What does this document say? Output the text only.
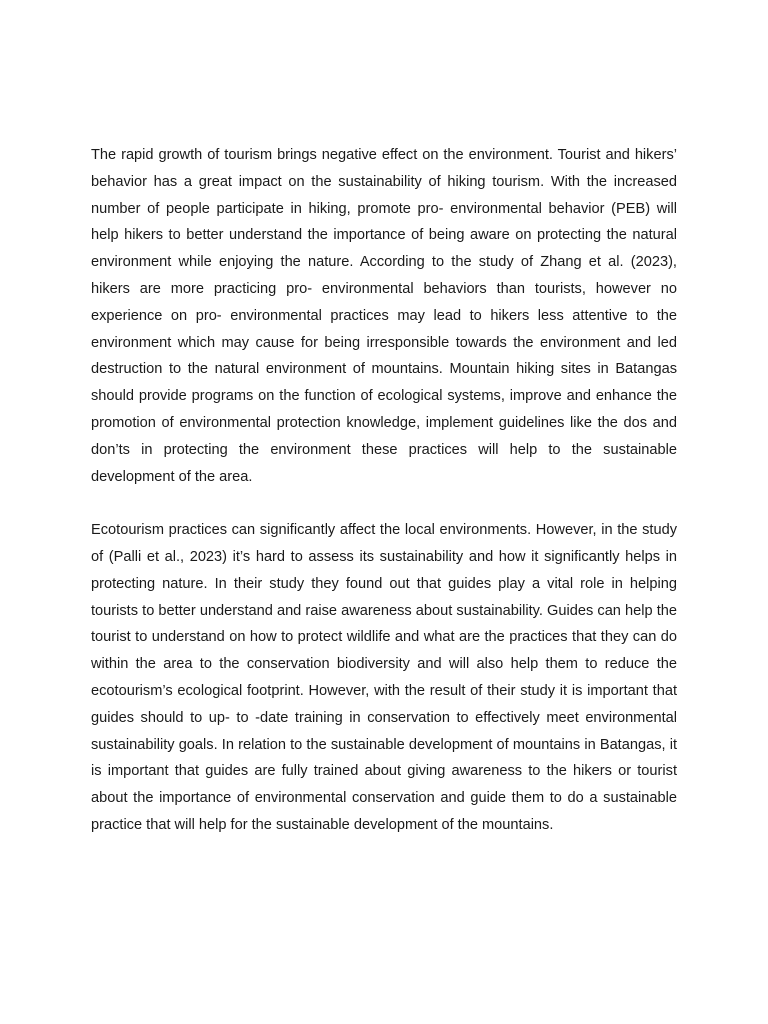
The rapid growth of tourism brings negative effect on the environment. Tourist and hikers’ behavior has a great impact on the sustainability of hiking tourism. With the increased number of people participate in hiking, promote pro- environmental behavior (PEB) will help hikers to better understand the importance of being aware on protecting the natural environment while enjoying the nature. According to the study of Zhang et al. (2023), hikers are more practicing pro- environmental behaviors than tourists, however no experience on pro- environmental practices may lead to hikers less attentive to the environment which may cause for being irresponsible towards the environment and led destruction to the natural environment of mountains. Mountain hiking sites in Batangas should provide programs on the function of ecological systems, improve and enhance the promotion of environmental protection knowledge, implement guidelines like the dos and don’ts in protecting the environment these practices will help to the sustainable development of the area.

Ecotourism practices can significantly affect the local environments. However, in the study of (Palli et al., 2023) it’s hard to assess its sustainability and how it significantly helps in protecting nature. In their study they found out that guides play a vital role in helping tourists to better understand and raise awareness about sustainability. Guides can help the tourist to understand on how to protect wildlife and what are the practices that they can do within the area to the conservation biodiversity and will also help them to reduce the ecotourism’s ecological footprint. However, with the result of their study it is important that guides should to up- to -date training in conservation to effectively meet environmental sustainability goals. In relation to the sustainable development of mountains in Batangas, it is important that guides are fully trained about giving awareness to the hikers or tourist about the importance of environmental conservation and guide them to do a sustainable practice that will help for the sustainable development of the mountains.
